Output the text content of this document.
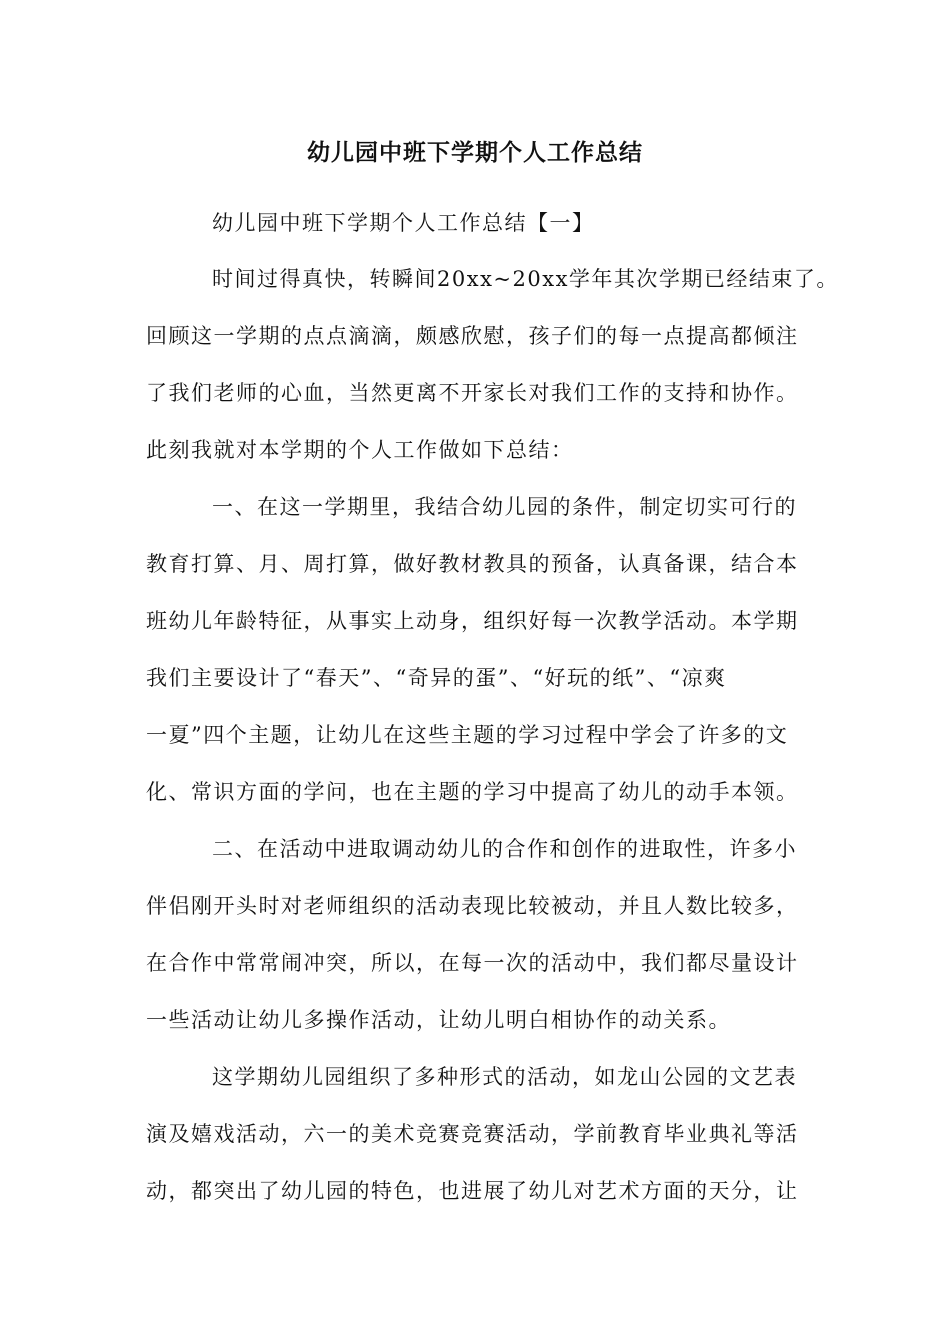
幼儿园中班下学期个人工作总结
幼儿园中班下学期个人工作总结【一】
时间过得真快，转瞬间20xx~20xx学年其次学期已经结束了。
回顾这一学期的点点滴滴，颇感欣慰，孩子们的每一点提高都倾注
了我们老师的心血，当然更离不开家长对我们工作的支持和协作。
此刻我就对本学期的个人工作做如下总结：
一、在这一学期里，我结合幼儿园的条件，制定切实可行的
教育打算、月、周打算，做好教材教具的预备，认真备课，结合本
班幼儿年龄特征，从事实上动身，组织好每一次教学活动。本学期
我们主要设计了“春天”、“奇异的蛋”、“好玩的纸”、“凉爽
一夏”四个主题，让幼儿在这些主题的学习过程中学会了许多的文
化、常识方面的学问，也在主题的学习中提高了幼儿的动手本领。
二、在活动中进取调动幼儿的合作和创作的进取性，许多小
伴侣刚开头时对老师组织的活动表现比较被动，并且人数比较多，
在合作中常常闹冲突，所以，在每一次的活动中，我们都尽量设计
一些活动让幼儿多操作活动，让幼儿明白相协作的动关系。
这学期幼儿园组织了多种形式的活动，如龙山公园的文艺表
演及嬉戏活动，六一的美术竞赛竞赛活动，学前教育毕业典礼等活
动，都突出了幼儿园的特色，也进展了幼儿对艺术方面的天分，让
